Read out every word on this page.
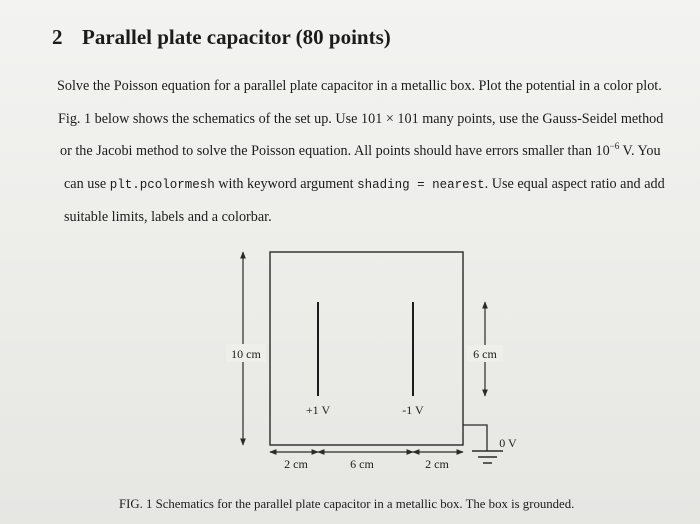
2 Parallel plate capacitor (80 points)
Solve the Poisson equation for a parallel plate capacitor in a metallic box. Plot the potential in a color plot.
Fig. 1 below shows the schematics of the set up. Use 101 × 101 many points, use the Gauss-Seidel method
or the Jacobi method to solve the Poisson equation. All points should have errors smaller than $10^{-6}$ V. You
can use plt.pcolormesh with keyword argument shading = nearest. Use equal aspect ratio and add
suitable limits, labels and a colorbar.
10 cm	6 cm
+1 V	-1 V
0 V
2 cm	6 cm	2 cm
FIG. 1 Schematics for the parallel plate capacitor in a metallic box. The box is grounded.
